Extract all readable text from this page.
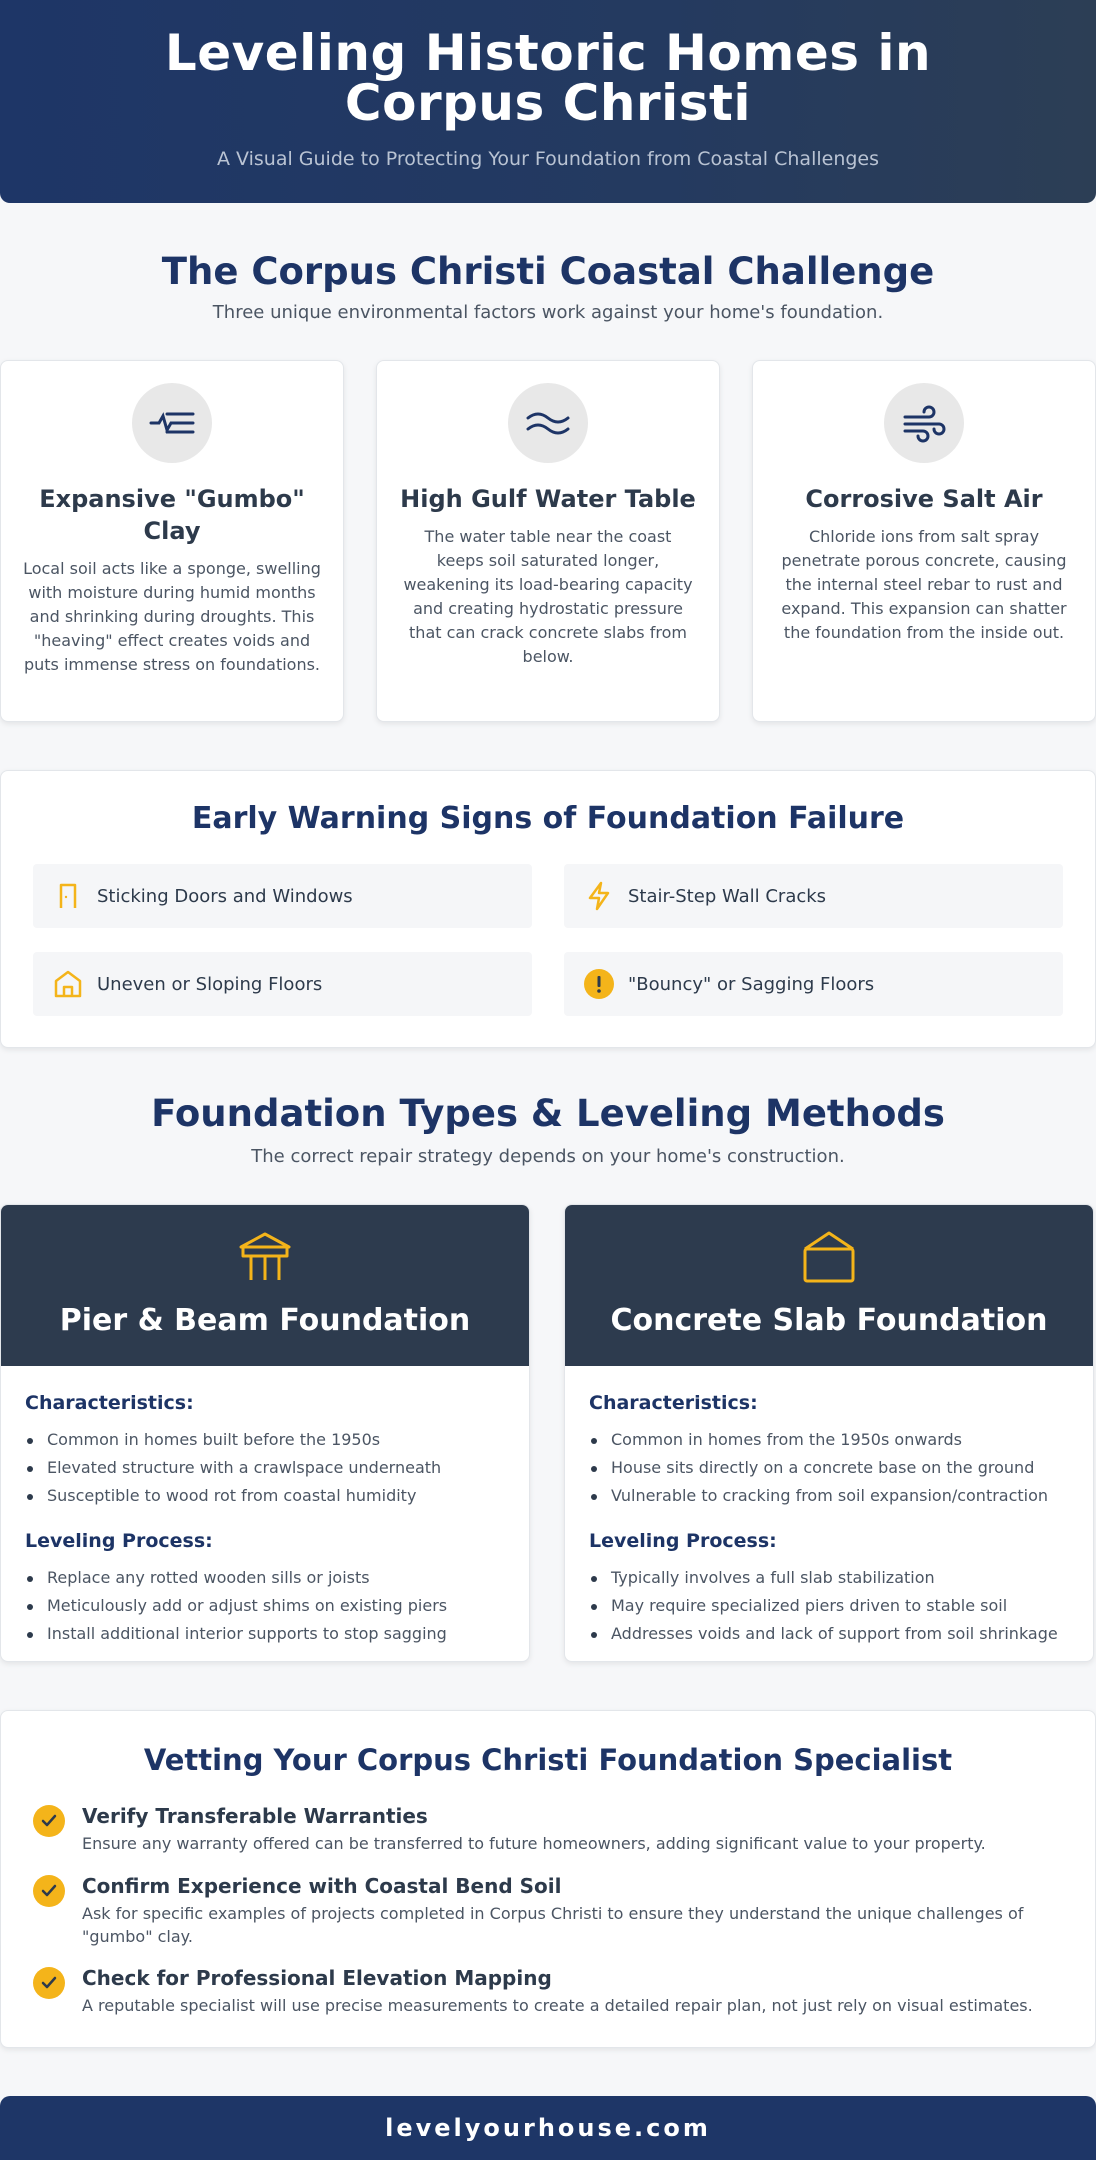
Leveling Historic Homes in Corpus Christi

A Visual Guide to Protecting Your Foundation from Coastal Challenges

The Corpus Christi Coastal Challenge

Three unique environmental factors work against your home's foundation.

Expansive "Gumbo" Clay

Local soil acts like a sponge, swelling with moisture during humid months and shrinking during droughts. This "heaving" effect creates voids and puts immense stress on foundations.

High Gulf Water Table

The water table near the coast keeps soil saturated longer, weakening its load-bearing capacity and creating hydrostatic pressure that can crack concrete slabs from below.

Corrosive Salt Air

Chloride ions from salt spray penetrate porous concrete, causing the internal steel rebar to rust and expand. This expansion can shatter the foundation from the inside out.

Early Warning Signs of Foundation Failure
Sticking Doors and Windows	Stair-Step Wall Cracks
Uneven or Sloping Floors	"Bouncy" or Sagging Floors
Foundation Types & Leveling Methods

The correct repair strategy depends on your home's construction.

Pier & Beam Foundation
Characteristics:
Common in homes built before the 1950s
Elevated structure with a crawlspace underneath
Susceptible to wood rot from coastal humidity
Leveling Process:
Replace any rotted wooden sills or joists
Meticulously add or adjust shims on existing piers
Install additional interior supports to stop sagging
Concrete Slab Foundation
Characteristics:
Common in homes from the 1950s onwards
House sits directly on a concrete base on the ground
Vulnerable to cracking from soil expansion/contraction
Leveling Process:
Typically involves a full slab stabilization
May require specialized piers driven to stable soil
Addresses voids and lack of support from soil shrinkage
Vetting Your Corpus Christi Foundation Specialist
Verify Transferable Warranties

Ensure any warranty offered can be transferred to future homeowners, adding significant value to your property.

Confirm Experience with Coastal Bend Soil

Ask for specific examples of projects completed in Corpus Christi to ensure they understand the unique challenges of "gumbo" clay.

Check for Professional Elevation Mapping

A reputable specialist will use precise measurements to create a detailed repair plan, not just rely on visual estimates.

levelyourhouse.com
